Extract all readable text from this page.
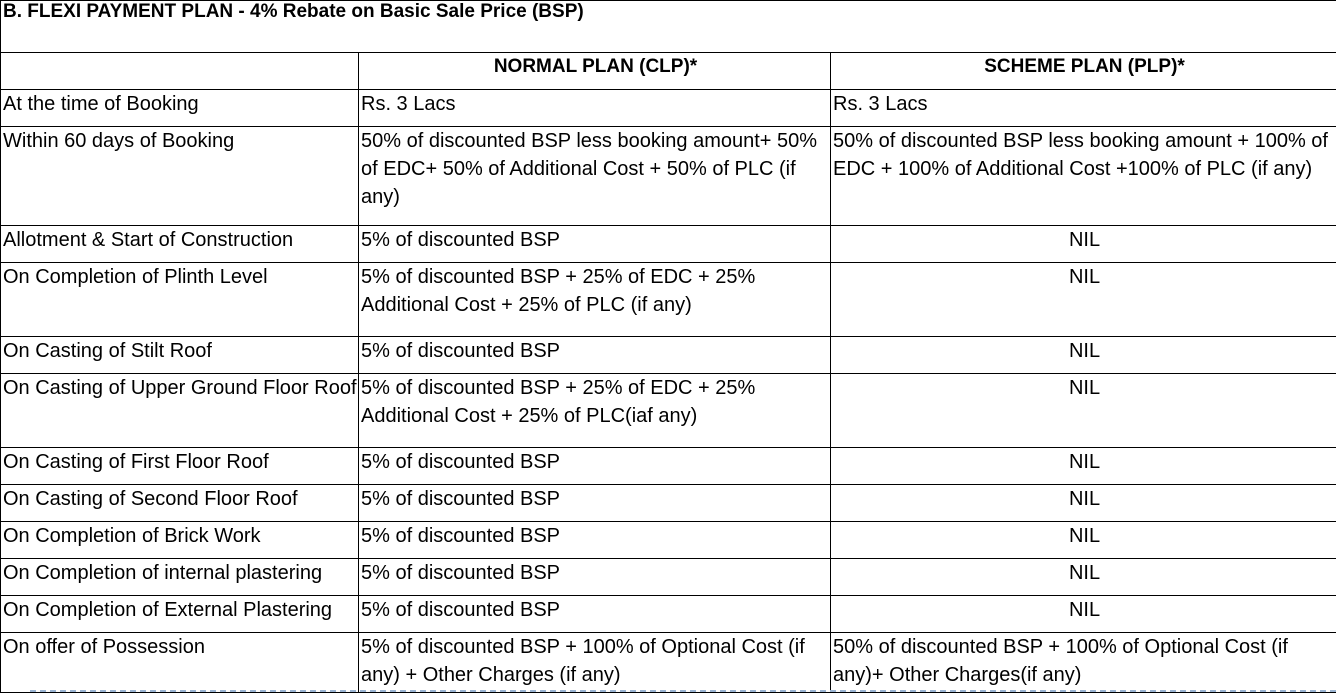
B. FLEXI PAYMENT PLAN - 4% Rebate on Basic Sale Price (BSP)		
	NORMAL PLAN (CLP)*	SCHEME PLAN (PLP)*
At the time of Booking	Rs. 3 Lacs	Rs. 3 Lacs
Within 60 days of Booking	50% of discounted BSP less booking amount+ 50% of EDC+ 50% of Additional Cost + 50% of PLC (if any)	50% of discounted BSP less booking amount + 100% of EDC + 100% of Additional Cost +100% of PLC (if any)
Allotment & Start of Construction	5% of discounted BSP	NIL
On Completion of Plinth Level	5% of discounted BSP + 25% of EDC + 25% Additional Cost + 25% of PLC (if any)	NIL
On Casting of Stilt Roof	5% of discounted BSP	NIL
On Casting of Upper Ground Floor Roof	5% of discounted BSP + 25% of EDC + 25% Additional Cost + 25% of PLC(iaf any)	NIL
On Casting of First Floor Roof	5% of discounted BSP	NIL
On Casting of Second Floor Roof	5% of discounted BSP	NIL
On Completion of Brick Work	5% of discounted BSP	NIL
On Completion of internal plastering	5% of discounted BSP	NIL
On Completion of External Plastering	5% of discounted BSP	NIL
On offer of Possession	5% of discounted BSP + 100% of Optional Cost (if any) + Other Charges (if any)	50% of discounted BSP + 100% of Optional Cost (if any)+ Other Charges(if any)
